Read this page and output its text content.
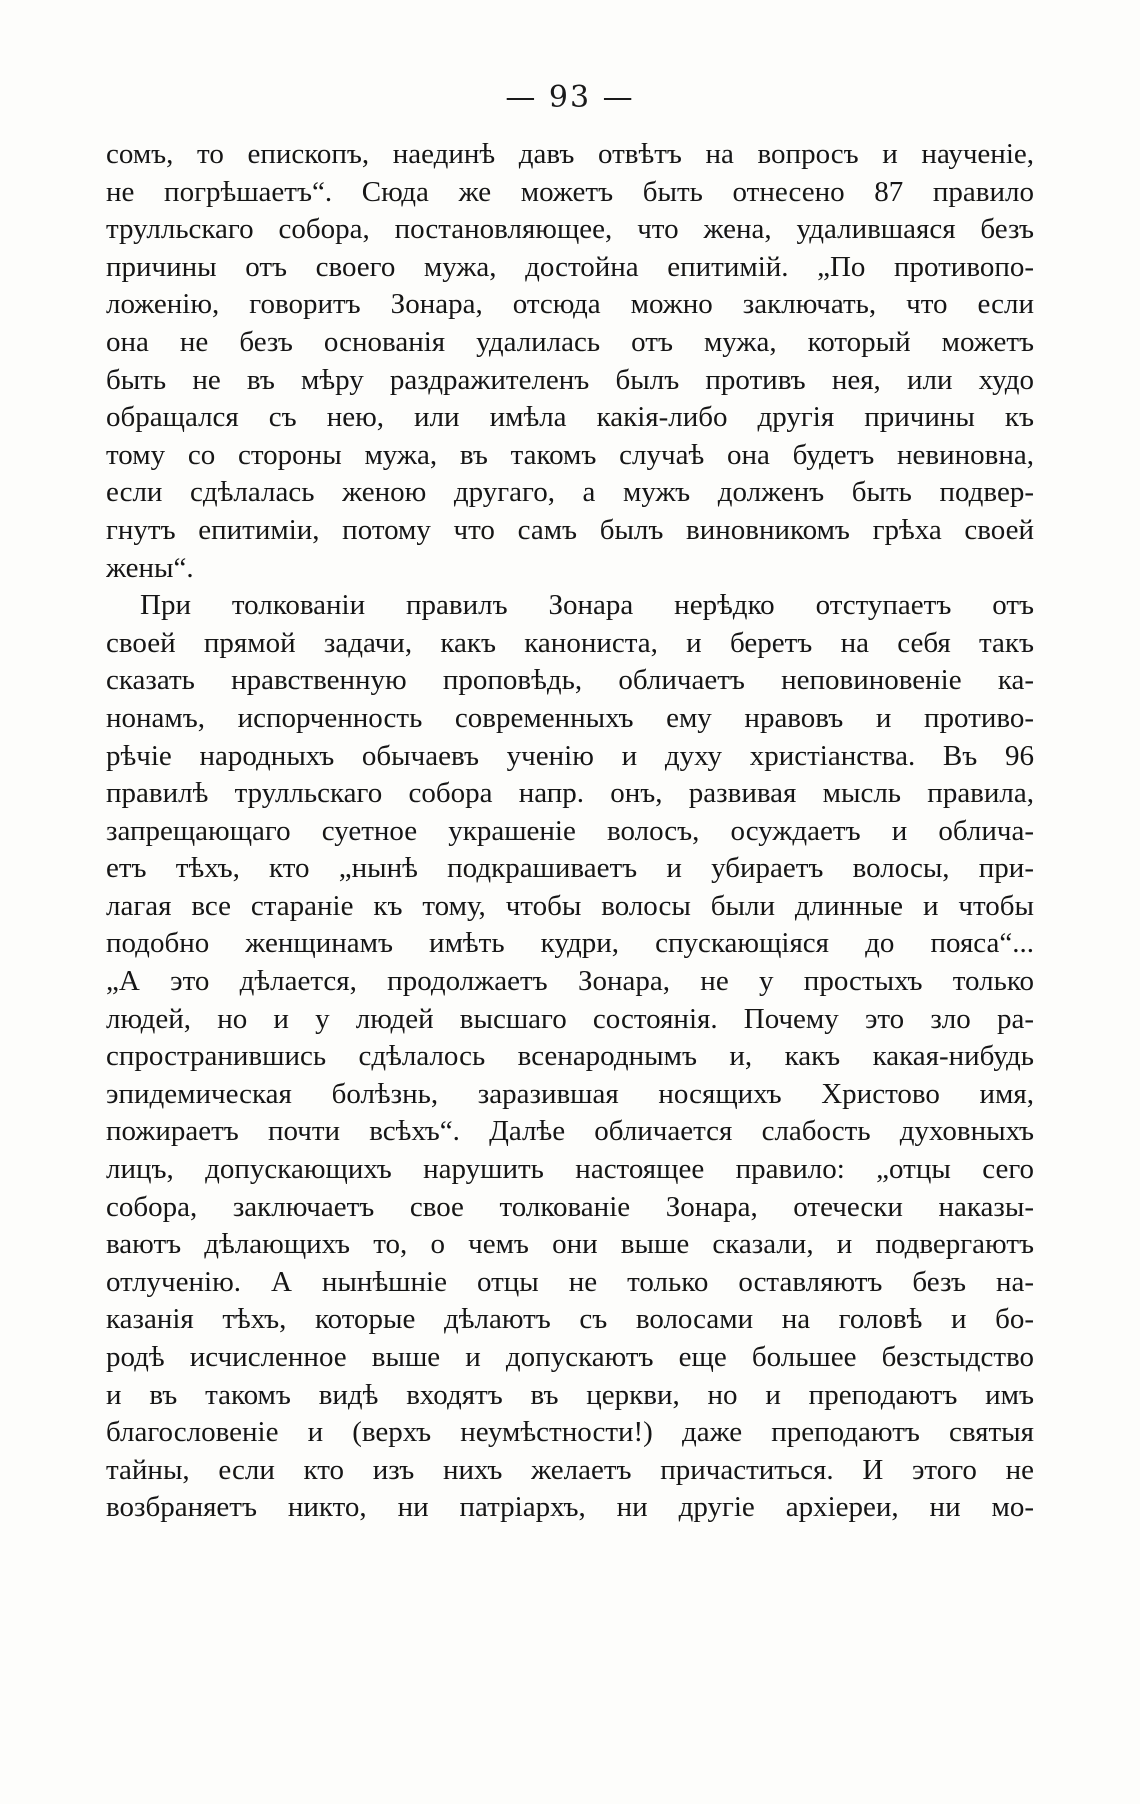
— 93 —
сомъ, то епископъ, наединѣ давъ отвѣтъ на вопросъ и наученіе,
не погрѣшаетъ“. Сюда же можетъ быть отнесено 87 правило
трулльскаго собора, постановляющее, что жена, удалившаяся безъ
причины отъ своего мужа, достойна епитимій. „По противопо-
ложенію, говоритъ Зонара, отсюда можно заключать, что если
она не безъ основанія удалилась отъ мужа, который можетъ
быть не въ мѣру раздражителенъ былъ противъ нея, или худо
обращался съ нею, или имѣла какія-либо другія причины къ
тому со стороны мужа, въ такомъ случаѣ она будетъ невиновна,
если сдѣлалась женою другаго, а мужъ долженъ быть подвер-
гнутъ епитиміи, потому что самъ былъ виновникомъ грѣха своей
жены“.
При толкованіи правилъ Зонара нерѣдко отступаетъ отъ
своей прямой задачи, какъ канониста, и беретъ на себя такъ
сказать нравственную проповѣдь, обличаетъ неповиновеніе ка-
нонамъ, испорченность современныхъ ему нравовъ и противо-
рѣчіе народныхъ обычаевъ ученію и духу христіанства. Въ 96
правилѣ трулльскаго собора напр. онъ, развивая мысль правила,
запрещающаго суетное украшеніе волосъ, осуждаетъ и облича-
етъ тѣхъ, кто „нынѣ подкрашиваетъ и убираетъ волосы, при-
лагая все стараніе къ тому, чтобы волосы были длинные и чтобы
подобно женщинамъ имѣть кудри, спускающіяся до пояса“...
„А это дѣлается, продолжаетъ Зонара, не у простыхъ только
людей, но и у людей высшаго состоянія. Почему это зло ра-
спространившись сдѣлалось всенароднымъ и, какъ какая-нибудь
эпидемическая болѣзнь, заразившая носящихъ Христово имя,
пожираетъ почти всѣхъ“. Далѣе обличается слабость духовныхъ
лицъ, допускающихъ нарушить настоящее правило: „отцы сего
собора, заключаетъ свое толкованіе Зонара, отечески наказы-
ваютъ дѣлающихъ то, о чемъ они выше сказали, и подвергаютъ
отлученію. А нынѣшніе отцы не только оставляютъ безъ на-
казанія тѣхъ, которые дѣлаютъ съ волосами на головѣ и бо-
родѣ исчисленное выше и допускаютъ еще большее безстыдство
и въ такомъ видѣ входятъ въ церкви, но и преподаютъ имъ
благословеніе и (верхъ неумѣстности!) даже преподаютъ святыя
тайны, если кто изъ нихъ желаетъ причаститься. И этого не
возбраняетъ никто, ни патріархъ, ни другіе архіереи, ни мо-
